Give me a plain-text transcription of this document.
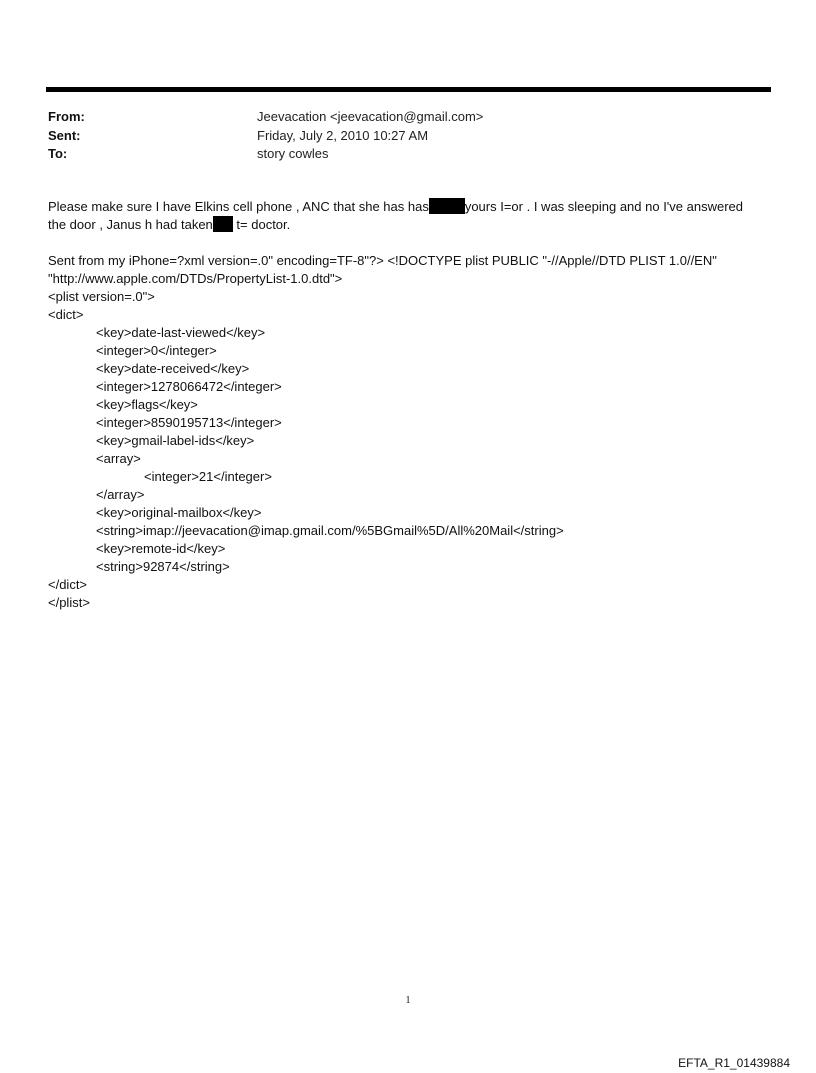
From:	Jeevacation <jeevacation@gmail.com>
Sent:	Friday, July 2, 2010 10:27 AM
To:	story cowles
Please make sure I have Elkins cell phone , ANC that she has has	yours I=or . I was sleeping and no I've answered
the door , Janus h had taken t= doctor.
Sent from my iPhone=?xml version=.0" encoding=TF-8"?> <!DOCTYPE plist PUBLIC "-//Apple//DTD PLIST 1.0//EN"
"http://www.apple.com/DTDs/PropertyList-1.0.dtd">
<plist version=.0">
<dict>
<key>date-last-viewed</key>
<integer>0</integer>
<key>date-received</key>
<integer>1278066472</integer>
<key>flags</key>
<integer>8590195713</integer>
<key>gmail-label-ids</key>
<array>
<integer>21</integer>
</array>
<key>original-mailbox</key>
<string>imap://jeevacation@imap.gmail.com/%5BGmail%5D/All%20Mail</string>
<key>remote-id</key>
<string>92874</string>
</dict>
</plist>
1
EFTA_R1_01439884
